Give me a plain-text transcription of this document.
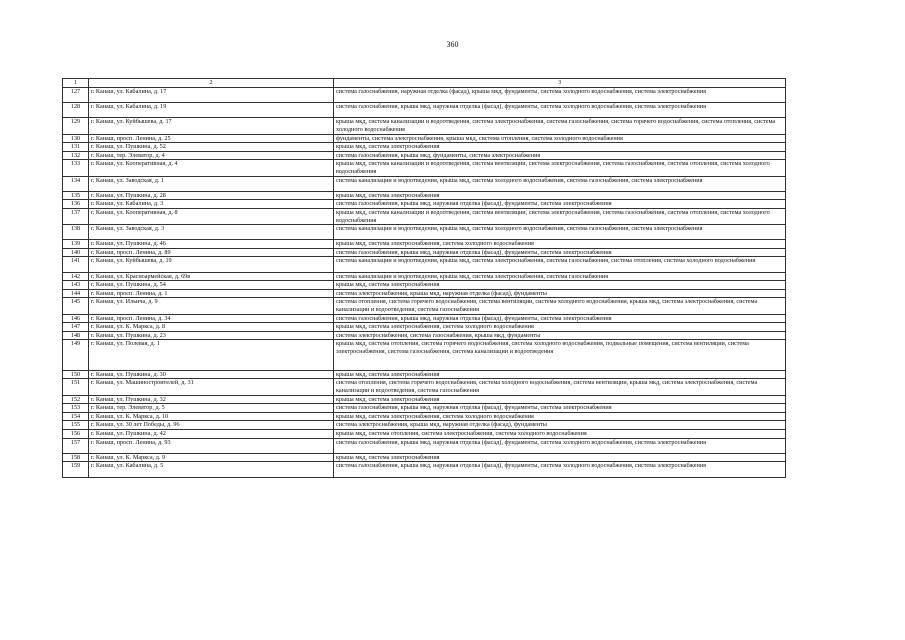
360
1	2	3
127	г. Канаш, ул. Кабалина, д. 17	система газоснабжения, наружная отделка (фасад), крыша мкд, фундаменты, система холодного водоснабжения, система электроснабжения
128	г. Канаш, ул. Кабалина, д. 19	система газоснабжения, крыша мкд, наружная отделка (фасад), фундаменты, система холодного водоснабжения, система электроснабжения
129	г. Канаш, ул. Куйбышева, д. 17	крыша мкд, система канализации и водоотведения, система электроснабжения, система газоснабжения, система горячего водоснабжения, система отопления, система холодного водоснабжения
130	г. Канаш, просп. Ленина, д. 25	фундаменты, система электроснабжения, крыша мкд, система отопления, система холодного водоснабжения
131	г. Канаш, ул. Пушкина, д. 52	крыша мкд, система электроснабжения
132	г. Канаш, тер. Элеватор, д. 4	система газоснабжения, крыша мкд, фундаменты, система электроснабжения
133	г. Канаш, ул. Кооперативная, д. 4	крыша мкд, система канализации и водоотведения, система вентиляции, система электроснабжения, система газоснабжения, система отопления, система холодного водоснабжения
134	г. Канаш, ул. Заводская, д. 1	система канализации и водоотведения, крыша мкд, система холодного водоснабжения, система газоснабжения, система электроснабжения
135	г. Канаш, ул. Пушкина, д. 28	крыша мкд, система электроснабжения
136	г. Канаш, ул. Кабалина, д. 3	система газоснабжения, крыша мкд, наружная отделка (фасад), фундаменты, система электроснабжения
137	г. Канаш, ул. Кооперативная, д. 8	крыша мкд, система канализации и водоотведения, система вентиляции, система электроснабжения, система газоснабжения, система отопления, система холодного водоснабжения
138	г. Канаш, ул. Заводская, д. 3	система канализации и водоотведения, крыша мкд, система холодного водоснабжения, система газоснабжения, система электроснабжения
139	г. Канаш, ул. Пушкина, д. 46	крыша мкд, система электроснабжения, система холодного водоснабжения
140	г. Канаш, просп. Ленина, д. 89	система газоснабжения, крыша мкд, наружная отделка (фасад), фундаменты, система электроснабжения
141	г. Канаш, ул. Куйбышева, д. 19	система канализации и водоотведения, крыша мкд, система электроснабжения, система газоснабжения, система отопления, система холодного водоснабжения
142	г. Канаш, ул. Красноармейская, д. 69в	система канализации и водоотведения, крыша мкд, система электроснабжения, система газоснабжения
143	г. Канаш, ул. Пушкина, д. 54	крыша мкд, система электроснабжения
144	г. Канаш, просп. Ленина, д. 1	система электроснабжения, крыша мкд, наружная отделка (фасад), фундаменты
145	г. Канаш, ул. Ильича, д. 9	система отопления, система горячего водоснабжения, система вентиляции, система холодного водоснабжения, крыша мкд, система электроснабжения, система канализации и водоотведения, система газоснабжения
146	г. Канаш, просп. Ленина, д. 34	система газоснабжения, крыша мкд, наружная отделка (фасад), фундаменты, система электроснабжения
147	г. Канаш, ул. К. Маркса, д. 8	крыша мкд, система электроснабжения, система холодного водоснабжения
148	г. Канаш, ул. Пушкина, д. 23	система электроснабжения, система газоснабжения, крыша мкд, фундаменты
149	г. Канаш, ул. Полевая, д. 1	крыша мкд, система отопления, система горячего водоснабжения, система холодного водоснабжения, подвальные помещения, система вентиляции, система электроснабжения, система газоснабжения, система канализации и водоотведения
150	г. Канаш, ул. Пушкина, д. 30	крыша мкд, система электроснабжения
151	г. Канаш, ул. Машиностроителей, д. 31	система отопления, система горячего водоснабжения, система холодного водоснабжения, система вентиляции, крыша мкд, система электроснабжения, система канализации и водоотведения, система газоснабжения
152	г. Канаш, ул. Пушкина, д. 32	крыша мкд, система электроснабжения
153	г. Канаш, тер. Элеватор, д. 5	система газоснабжения, крыша мкд, наружная отделка (фасад), фундаменты, система электроснабжения
154	г. Канаш, ул. К. Маркса, д. 10	крыша мкд, система электроснабжения, система холодного водоснабжения
155	г. Канаш, ул. 30 лет Победы, д. 96	система электроснабжения, крыша мкд, наружная отделка (фасад), фундаменты
156	г. Канаш, ул. Пушкина, д. 42	крыша мкд, система отопления, система электроснабжения, система холодного водоснабжения
157	г. Канаш, просп. Ленина, д. 93	система газоснабжения, крыша мкд, наружная отделка (фасад), фундаменты, система холодного водоснабжения, система электроснабжения
158	г. Канаш, ул. К. Маркса, д. 9	крыша мкд, система электроснабжения
159	г. Канаш, ул. Кабалина, д. 5	система газоснабжения, крыша мкд, наружная отделка (фасад), фундаменты, система холодного водоснабжения, система электроснабжения
